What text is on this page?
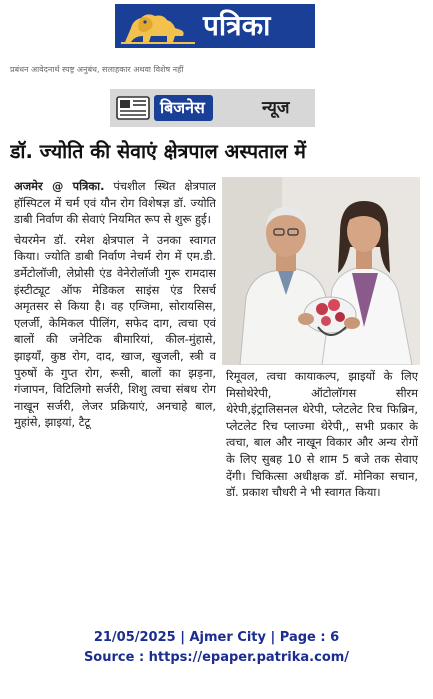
पत्रिका
प्रबंधन आवेदनार्थ स्पष्ट्र अनुबंध, सलाहकार अथवा विशेष नहीं
बिजनेस	न्यूज
डॉ. ज्योति की सेवाएं क्षेत्रपाल अस्पताल में

अजमेर @ पत्रिका. पंचशील स्थित क्षेत्रपाल हॉस्पिटल में चर्म एवं यौन रोग विशेषज्ञ डॉ. ज्योति डाबी निर्वाण की सेवाएं नियमित रूप से शुरू हुई।

चेयरमेन डॉ. रमेश क्षेत्रपाल ने उनका स्वागत किया। ज्योति डाबी निर्वाण नेचर्म रोग में एम.डी. डर्मेटोलॉजी, लेप्रोसी एंड वेनेरोलॉजी गुरू रामदास इंस्टीट्यूट ऑफ मेडिकल साइंस एंड रिसर्च अमृतसर से किया है। वह एग्जिमा, सोरायसिस, एलर्जी, केमिकल पीलिंग, सफेद दाग, त्वचा एवं बालों की जनेटिक बीमारियां, कील-मुंहासे, झाइयाँ, कुष्ठ रोग, दाद, खाज, खुजली, स्त्री व पुरुषों के गुप्त रोग, रूसी, बालों का झड़ना, गंजापन, विटिलिगो सर्जरी, शिशु त्वचा संबध रोग नाखून सर्जरी, लेजर प्रक्रियाएं, अनचाहे बाल, मुहांसे, झाइयां, टैटू

रिमूवल, त्वचा कायाकल्प, झाइयों के लिए मिसोथेरेपी, ऑटोलॉगस सीरम थेरेपी,इंट्रालिसनल थेरेपी, प्लेटलेट रिच फिब्रिन, प्लेटलेट रिच प्लाज्मा थेरेपी,, सभी प्रकार के त्वचा, बाल और नाखून विकार और अन्य रोगों के लिए सुबह 10 से शाम 5 बजे तक सेवाए देंगी। चिकित्सा अधीक्षक डॉ. मोनिका सचान, डॉ. प्रकाश चौधरी ने भी स्वागत किया।

21/05/2025 | Ajmer City | Page : 6
Source : https://epaper.patrika.com/
